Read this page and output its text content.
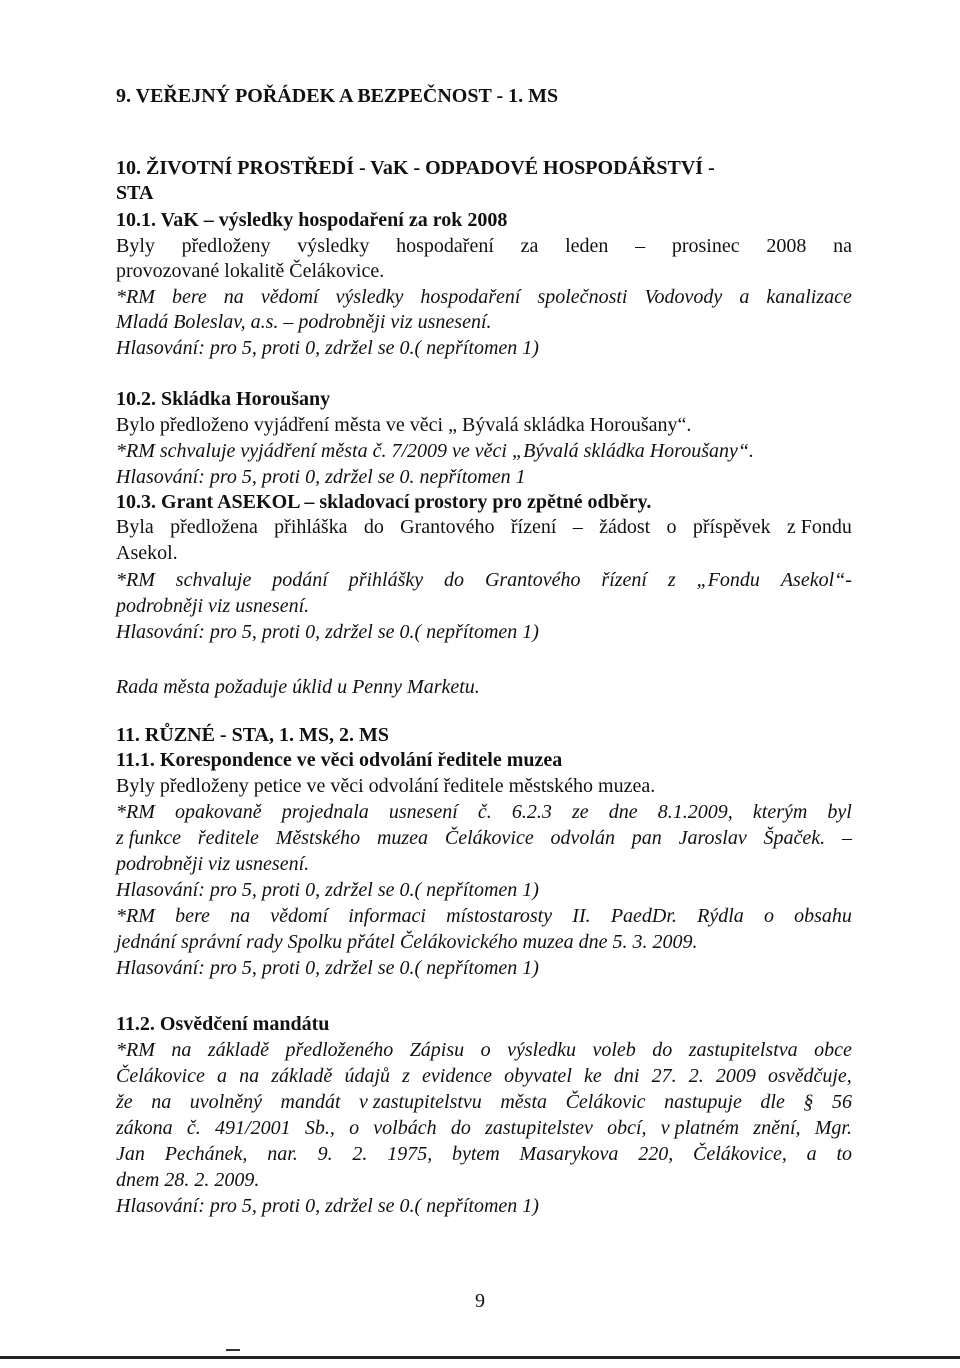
9. VEŘEJNÝ POŘÁDEK A BEZPEČNOST - 1. MS
10. ŽIVOTNÍ PROSTŘEDÍ - VaK - ODPADOVÉ HOSPODÁŘSTVÍ -
STA
10.1. VaK – výsledky hospodaření za rok 2008
Byly předloženy výsledky hospodaření za leden – prosinec 2008 na
provozované lokalitě Čelákovice.
*RM bere na vědomí výsledky hospodaření společnosti Vodovody a kanalizace
Mladá Boleslav, a.s. – podrobněji viz usnesení.
Hlasování: pro 5, proti 0, zdržel se 0.( nepřítomen 1)
10.2. Skládka Horoušany
Bylo předloženo vyjádření města ve věci „ Bývalá skládka Horoušany“.
*RM schvaluje vyjádření města č. 7/2009 ve věci „Bývalá skládka Horoušany“.
Hlasování: pro 5, proti 0, zdržel se 0. nepřítomen 1
10.3. Grant ASEKOL – skladovací prostory pro zpětné odběry.
Byla předložena přihláška do Grantového řízení – žádost o příspěvek z Fondu
Asekol.
*RM schvaluje podání přihlášky do Grantového řízení z „Fondu Asekol“-
podrobněji viz usnesení.
Hlasování: pro 5, proti 0, zdržel se 0.( nepřítomen 1)
Rada města požaduje úklid u Penny Marketu.
11. RŮZNÉ - STA, 1. MS, 2. MS
11.1. Korespondence ve věci odvolání ředitele muzea
Byly předloženy petice ve věci odvolání ředitele městského muzea.
*RM opakovaně projednala usnesení č. 6.2.3 ze dne 8.1.2009, kterým byl
z funkce ředitele Městského muzea Čelákovice odvolán pan Jaroslav Špaček. –
podrobněji viz usnesení.
Hlasování: pro 5, proti 0, zdržel se 0.( nepřítomen 1)
*RM bere na vědomí informaci místostarosty II. PaedDr. Rýdla o obsahu
jednání správní rady Spolku přátel Čelákovického muzea dne 5. 3. 2009.
Hlasování: pro 5, proti 0, zdržel se 0.( nepřítomen 1)
11.2. Osvědčení mandátu
*RM na základě předloženého Zápisu o výsledku voleb do zastupitelstva obce
Čelákovice a na základě údajů z evidence obyvatel ke dni 27. 2. 2009 osvědčuje,
že na uvolněný mandát v zastupitelstvu města Čelákovic nastupuje dle § 56
zákona č. 491/2001 Sb., o volbách do zastupitelstev obcí, v platném znění, Mgr.
Jan Pechánek, nar. 9. 2. 1975, bytem Masarykova 220, Čelákovice, a to
dnem 28. 2. 2009.
Hlasování: pro 5, proti 0, zdržel se 0.( nepřítomen 1)
9
